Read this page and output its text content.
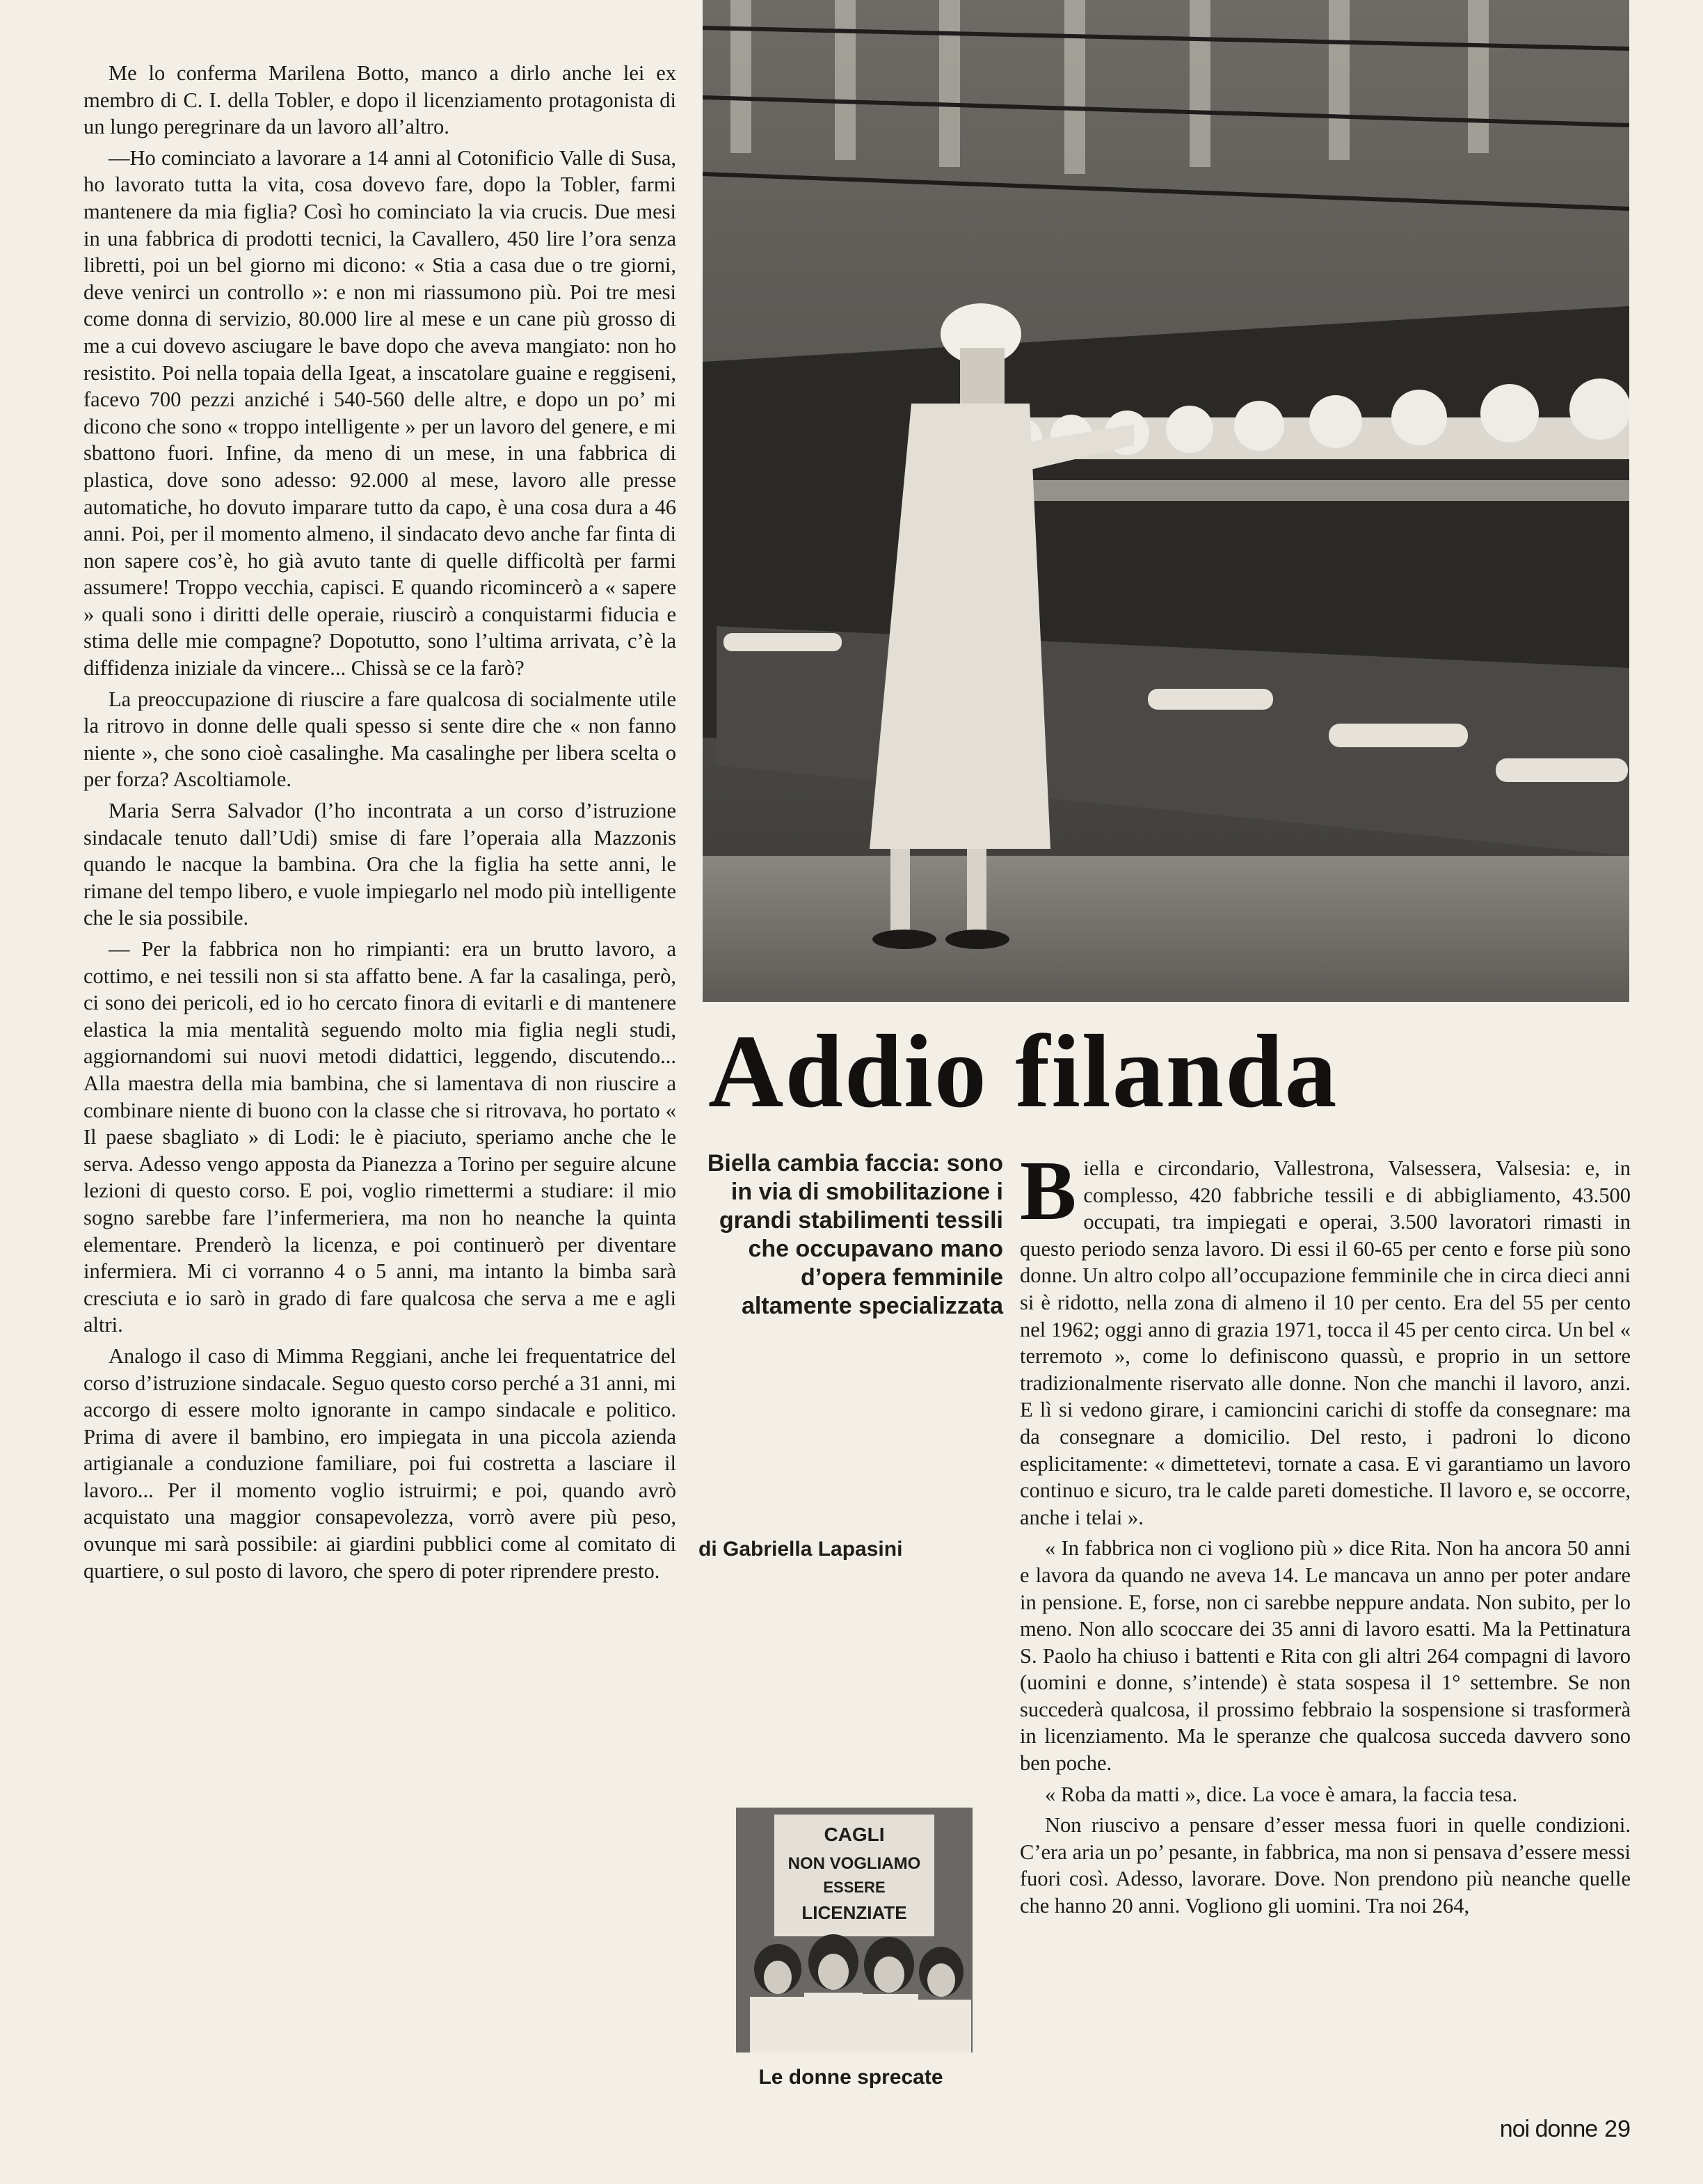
Me lo conferma Marilena Botto, manco a dirlo anche lei ex membro di C. I. della Tobler, e dopo il licenziamento protagonista di un lungo peregrinare da un lavoro all’altro.

—Ho cominciato a lavorare a 14 anni al Cotonificio Valle di Susa, ho lavorato tutta la vita, cosa dovevo fare, dopo la Tobler, farmi mantenere da mia figlia? Così ho cominciato la via crucis. Due mesi in una fabbrica di prodotti tecnici, la Cavallero, 450 lire l’ora senza libretti, poi un bel giorno mi dicono: « Stia a casa due o tre giorni, deve venirci un controllo »: e non mi riassumono più. Poi tre mesi come donna di servizio, 80.000 lire al mese e un cane più grosso di me a cui dovevo asciugare le bave dopo che aveva mangiato: non ho resistito. Poi nella topaia della Igeat, a inscatolare guaine e reggiseni, facevo 700 pezzi anziché i 540-560 delle altre, e dopo un po’ mi dicono che sono « troppo intelligente » per un lavoro del genere, e mi sbattono fuori. Infine, da meno di un mese, in una fabbrica di plastica, dove sono adesso: 92.000 al mese, lavoro alle presse automatiche, ho dovuto imparare tutto da capo, è una cosa dura a 46 anni. Poi, per il momento almeno, il sindacato devo anche far finta di non sapere cos’è, ho già avuto tante di quelle difficoltà per farmi assumere! Troppo vecchia, capisci. E quando ricomincerò a « sapere » quali sono i diritti delle operaie, riuscirò a conquistarmi fiducia e stima delle mie compagne? Dopotutto, sono l’ultima arrivata, c’è la diffidenza iniziale da vincere... Chissà se ce la farò?

La preoccupazione di riuscire a fare qualcosa di socialmente utile la ritrovo in donne delle quali spesso si sente dire che « non fanno niente », che sono cioè casalinghe. Ma casalinghe per libera scelta o per forza? Ascoltiamole.

Maria Serra Salvador (l’ho incontrata a un corso d’istruzione sindacale tenuto dall’Udi) smise di fare l’operaia alla Mazzonis quando le nacque la bambina. Ora che la figlia ha sette anni, le rimane del tempo libero, e vuole impiegarlo nel modo più intelligente che le sia possibile.

— Per la fabbrica non ho rimpianti: era un brutto lavoro, a cottimo, e nei tessili non si sta affatto bene. A far la casalinga, però, ci sono dei pericoli, ed io ho cercato finora di evitarli e di mantenere elastica la mia mentalità seguendo molto mia figlia negli studi, aggiornandomi sui nuovi metodi didattici, leggendo, discutendo... Alla maestra della mia bambina, che si lamentava di non riuscire a combinare niente di buono con la classe che si ritrovava, ho portato « Il paese sbagliato » di Lodi: le è piaciuto, speriamo anche che le serva. Adesso vengo apposta da Pianezza a Torino per seguire alcune lezioni di questo corso. E poi, voglio rimettermi a studiare: il mio sogno sarebbe fare l’infermeriera, ma non ho neanche la quinta elementare. Prenderò la licenza, e poi continuerò per diventare infermiera. Mi ci vorranno 4 o 5 anni, ma intanto la bimba sarà cresciuta e io sarò in grado di fare qualcosa che serva a me e agli altri.

Analogo il caso di Mimma Reggiani, anche lei frequentatrice del corso d’istruzione sindacale. Seguo questo corso perché a 31 anni, mi accorgo di essere molto ignorante in campo sindacale e politico. Prima di avere il bambino, ero impiegata in una piccola azienda artigianale a conduzione familiare, poi fui costretta a lasciare il lavoro... Per il momento voglio istruirmi; e poi, quando avrò acquistato una maggior consapevolezza, vorrò avere più peso, ovunque mi sarà possibile: ai giardini pubblici come al comitato di quartiere, o sul posto di lavoro, che spero di poter riprendere presto.

Addio filanda
Biella cambia faccia: sono in via di smobilitazione i grandi stabilimenti tessili che occupavano mano d’opera femminile altamente specializzata
di Gabriella Lapasini

Biella e circondario, Vallestrona, Valsessera, Valsesia: e, in complesso, 420 fabbriche tessili e di abbigliamento, 43.500 occupati, tra impiegati e operai, 3.500 lavoratori rimasti in questo periodo senza lavoro. Di essi il 60-65 per cento e forse più sono donne. Un altro colpo all’occupazione femminile che in circa dieci anni si è ridotto, nella zona di almeno il 10 per cento. Era del 55 per cento nel 1962; oggi anno di grazia 1971, tocca il 45 per cento circa. Un bel « terremoto », come lo definiscono quassù, e proprio in un settore tradizionalmente riservato alle donne. Non che manchi il lavoro, anzi. E lì si vedono girare, i camioncini carichi di stoffe da consegnare: ma da consegnare a domicilio. Del resto, i padroni lo dicono esplicitamente: « dimettetevi, tornate a casa. E vi garantiamo un lavoro continuo e sicuro, tra le calde pareti domestiche. Il lavoro e, se occorre, anche i telai ».

« In fabbrica non ci vogliono più » dice Rita. Non ha ancora 50 anni e lavora da quando ne aveva 14. Le mancava un anno per poter andare in pensione. E, forse, non ci sarebbe neppure andata. Non subito, per lo meno. Non allo scoccare dei 35 anni di lavoro esatti. Ma la Pettinatura S. Paolo ha chiuso i battenti e Rita con gli altri 264 compagni di lavoro (uomini e donne, s’intende) è stata sospesa il 1° settembre. Se non succederà qualcosa, il prossimo febbraio la sospensione si trasformerà in licenziamento. Ma le speranze che qualcosa succeda davvero sono ben poche.

« Roba da matti », dice. La voce è amara, la faccia tesa.

Non riuscivo a pensare d’esser messa fuori in quelle condizioni. C’era aria un po’ pesante, in fabbrica, ma non si pensava d’essere messi fuori così. Adesso, lavorare. Dove. Non prendono più neanche quelle che hanno 20 anni. Vogliono gli uomini. Tra noi 264,

CAGLI
NON VOGLIAMO
ESSERE
LICENZIATE
Le donne sprecate
noi donne 29
